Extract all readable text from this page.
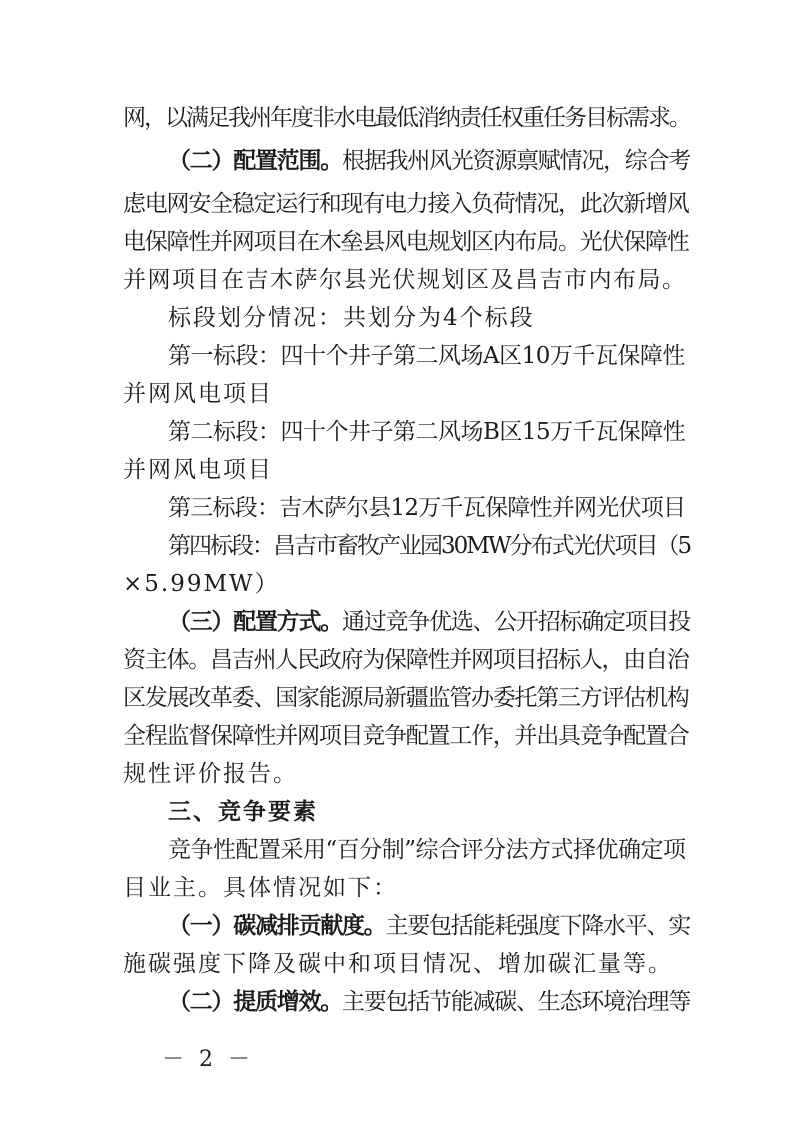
网，以满足我州年度非水电最低消纳责任权重任务目标需求。
（二）配置范围。根据我州风光资源禀赋情况，综合考
虑电网安全稳定运行和现有电力接入负荷情况，此次新增风
电保障性并网项目在木垒县风电规划区内布局。光伏保障性
并网项目在吉木萨尔县光伏规划区及昌吉市内布局。
标段划分情况：共划分为4个标段
第一标段：四十个井子第二风场A区10万千瓦保障性
并网风电项目
第二标段：四十个井子第二风场B区15万千瓦保障性
并网风电项目
第三标段：吉木萨尔县12万千瓦保障性并网光伏项目
第四标段：昌吉市畜牧产业园30MW分布式光伏项目（5
×5.99MW）
（三）配置方式。通过竞争优选、公开招标确定项目投
资主体。昌吉州人民政府为保障性并网项目招标人，由自治
区发展改革委、国家能源局新疆监管办委托第三方评估机构
全程监督保障性并网项目竞争配置工作，并出具竞争配置合
规性评价报告。
三、竞争要素
竞争性配置采用“百分制”综合评分法方式择优确定项
目业主。具体情况如下：
（一）碳减排贡献度。主要包括能耗强度下降水平、实
施碳强度下降及碳中和项目情况、增加碳汇量等。
（二）提质增效。主要包括节能减碳、生态环境治理等
－ 2 －
